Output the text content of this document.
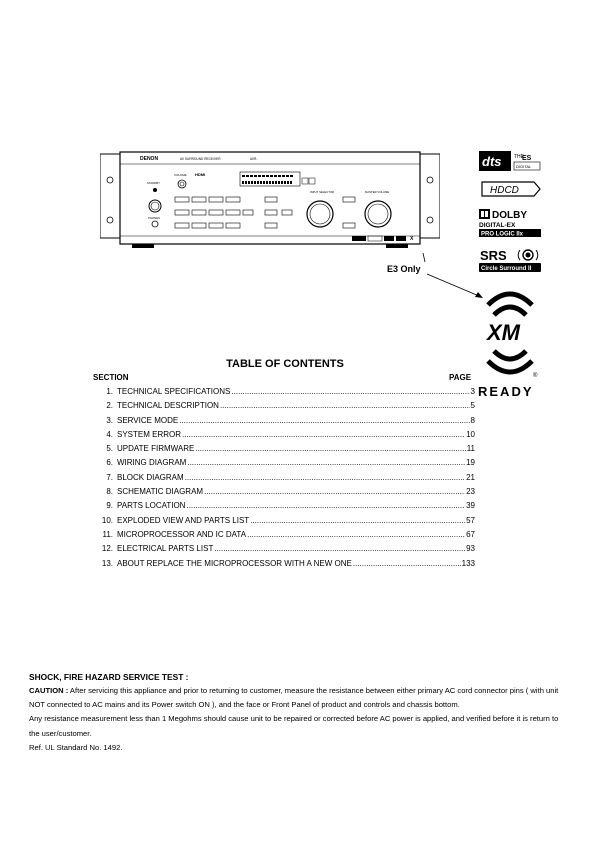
DENON	AV SURROUND RECEIVER	AVR-
VOLUME HDMI
STANDBY
PHONES
INPUT SELECTOR	MASTER VOLUME
X
E3 Only
dts	THE
ES
DIGITAL
HDCD
DOLBY
DIGITAL-EX
PRO LOGIC IIx
SRS
Circle Surround II
XM
®
READY
TABLE OF CONTENTS
SECTION	PAGE
1. TECHNICAL SPECIFICATIONS .....	3
2. TECHNICAL DESCRIPTION .....	5
3. SERVICE MODE .....	8
4. SYSTEM ERROR .....	10
5. UPDATE FIRMWARE .....	11
6. WIRING DIAGRAM .....	19
7. BLOCK DIAGRAM .....	21
8. SCHEMATIC DIAGRAM .....	23
9. PARTS LOCATION .....	39
10. EXPLODED VIEW AND PARTS LIST .....	57
11. MICROPROCESSOR AND IC DATA .....	67
12. ELECTRICAL PARTS LIST .....	93
13. ABOUT REPLACE THE MICROPROCESSOR WITH A NEW ONE .....	133
SHOCK, FIRE HAZARD SERVICE TEST :

CAUTION : After servicing this appliance and prior to returning to customer, measure the resistance between either primary AC cord connector pins ( with unit NOT connected to AC mains and its Power switch ON ), and the face or Front Panel of product and controls and chassis bottom.
Any resistance measurement less than 1 Megohms should cause unit to be repaired or corrected before AC power is applied, and verified before it is return to the user/customer.
Ref. UL Standard No. 1492.
